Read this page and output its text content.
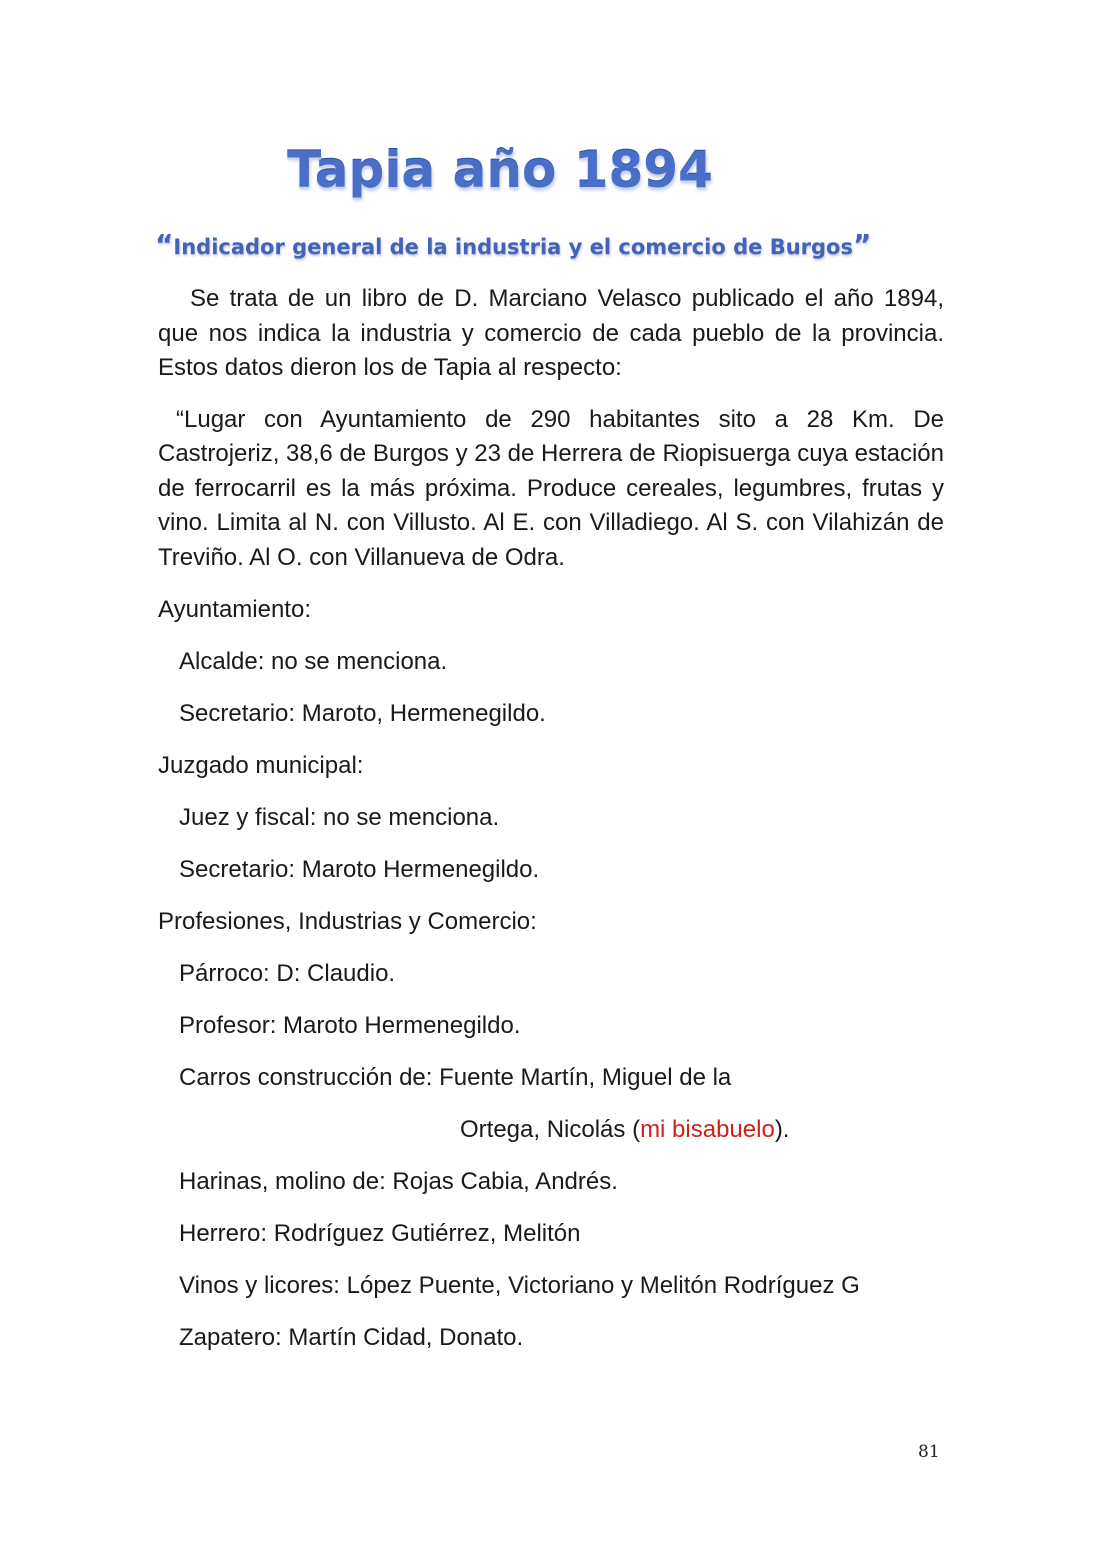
Tapia año 1894
“Indicador general de la industria y el comercio de Burgos”

Se trata de un libro de D. Marciano Velasco publicado el año 1894, que nos indica la industria y comercio de cada pueblo de la provincia. Estos datos dieron los de Tapia al respecto:

“Lugar con Ayuntamiento de 290 habitantes sito a 28 Km. De Castrojeriz, 38,6 de Burgos y 23 de Herrera de Riopisuerga cuya estación de ferrocarril es la más próxima. Produce cereales, legumbres, frutas y vino. Limita al N. con Villusto. Al E. con Villadiego. Al S. con Vilahizán de Treviño. Al O. con Villanueva de Odra.

Ayuntamiento:

Alcalde: no se menciona.

Secretario: Maroto, Hermenegildo.

Juzgado municipal:

Juez y fiscal: no se menciona.

Secretario: Maroto Hermenegildo.

Profesiones, Industrias y Comercio:

Párroco: D: Claudio.

Profesor: Maroto Hermenegildo.

Carros construcción de: Fuente Martín, Miguel de la

Ortega, Nicolás (mi bisabuelo).

Harinas, molino de: Rojas Cabia, Andrés.

Herrero: Rodríguez Gutiérrez, Melitón

Vinos y licores: López Puente, Victoriano y Melitón Rodríguez G

Zapatero: Martín Cidad, Donato.

81
